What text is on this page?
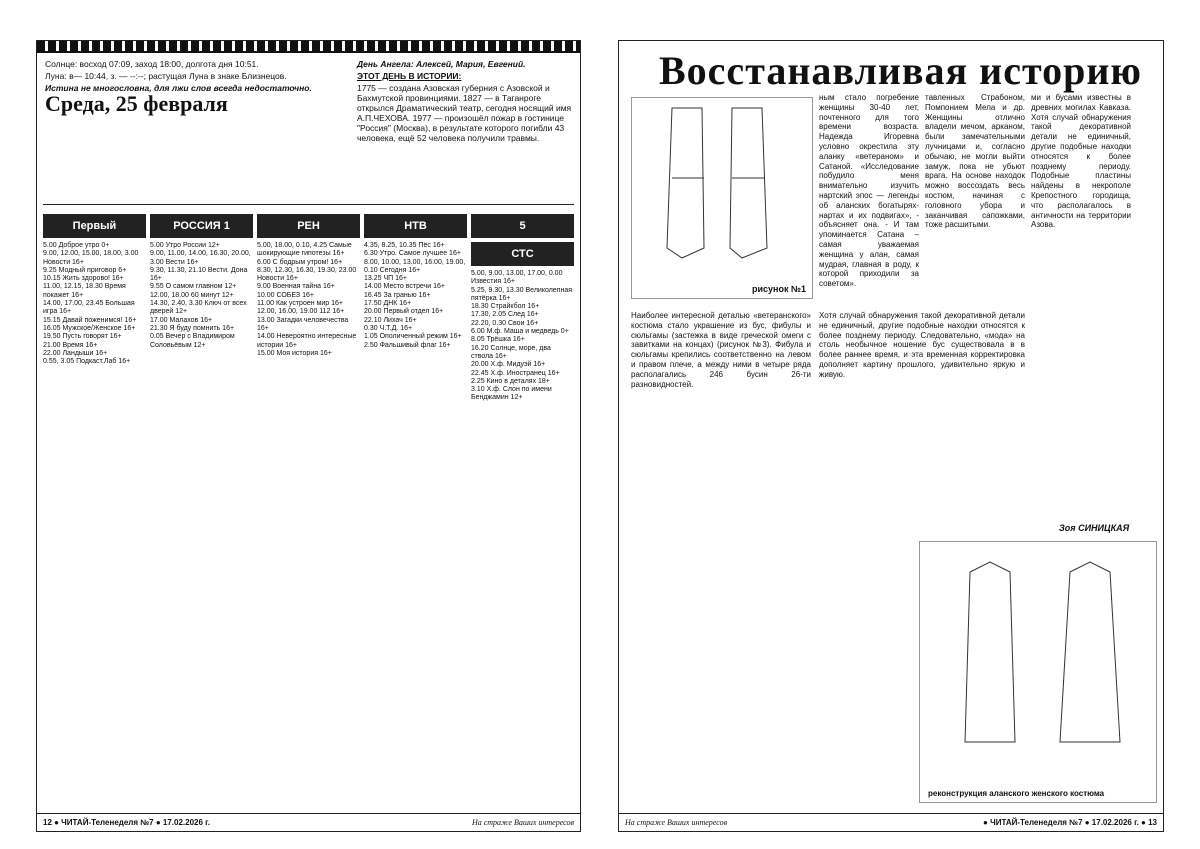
Солнце: восход 07:09, заход 18:00, долгота дня 10:51.
Луна: в— 10:44, з. — --:--; растущая Луна в знаке Близнецов.
Истина не многословна, для лжи слов всегда недостаточно.
Среда, 25 февраля
День Ангела: Алексей, Мария, Евгений.
ЭТОТ ДЕНЬ В ИСТОРИИ:
1775 — создана Азовская губерния с Азовской и Бахмутской провинциями. 1827 — в Таганроге открылся Драматический театр, сегодня носящий имя А.П.ЧЕХОВА. 1977 — произошёл пожар в гостинице "Россия" (Москва), в результате которого погибли 43 человека, ещё 52 человека получили травмы.
Первый
5.00 Доброе утро 0+
9.00, 12.00, 15.00, 18.00, 3.00 Новости 16+
9.25 Модный приговор 6+
10.15 Жить здорово! 16+
11.00, 12.15, 18.30 Время покажет 16+
14.00, 17.00, 23.45 Большая игра 16+
15.15 Давай поженимся! 16+
16.05 Мужское/Женское 16+
19.50 Пусть говорят 16+
21.00 Время 16+
22.00 Ландыши 16+
0.55, 3.05 Подкаст.Лаб 16+
РОССИЯ 1
5.00 Утро России 12+
9.00, 11.00, 14.00, 16.30, 20.00, 3.00 Вести 16+
9.30, 11.30, 21.10 Вести. Дона 16+
9.55 О самом главном 12+
12.00, 18.00 60 минут 12+
14.30, 2.40, 3.30 Ключ от всех дверей 12+
17.00 Малахов 16+
21.30 Я буду помнить 16+
0.05 Вечер с Владимиром Соловьёвым 12+
РЕН
5.00, 18.00, 0.10, 4.25 Самые шокирующие гипотезы 16+
6.00 С бодрым утром! 16+
8.30, 12.30, 16.30, 19.30, 23.00 Новости 16+
9.00 Военная тайна 16+
10.00 СОБЕЗ 16+
11.00 Как устроен мир 16+
12.00, 16.00, 19.00 112 16+
13.00 Загадки человечества 16+
14.00 Невероятно интересные истории 16+
15.00 Моя история 16+
НТВ
4.35, 8.25, 10.35 Пёс 16+
6.30 Утро. Самое лучшее 16+
8.00, 10.00, 13.00, 16.00, 19.00, 0.10 Сегодня 16+
13.25 ЧП 16+
14.00 Место встречи 16+
16.45 За гранью 16+
17.50 ДНК 16+
20.00 Первый отдел 16+
22.10 Лихач 16+
0.30 Ч.Т.Д. 16+
1.05 Ополиченный режим 16+
2.50 Фальшивый флаг 16+
5
СТС
5.00, 9.00, 13.00, 17.00, 0.00 Известия 16+
5.25, 9.30, 13.30 Великолепная пятёрка 16+
18.30 Страйкбол 16+
17.30, 2.05 След 16+
22.20, 0.30 Свои 16+
6.00 М.ф. Маша и медведь 0+
8.05 Трёшка 16+
16.20 Солнце, море, два ствола 16+
20.00 Х.ф. Мидуэй 16+
22.45 Х.ф. Иностранец 16+
2.25 Кино в деталях 18+
3.10 Х.ф. Слон по имени Бенджамин 12+
12 ● ЧИТАЙ-Теленеделя №7 ● 17.02.2026 г.	На страже Ваших интересов
Восстанавливая историю
рисунок №1
ным стало погребение женщины 30-40 лет, почтенного для того времени возраста. Надежда Игоревна условно окрестила эту аланку «ветераном» и Сатаной. «Исследование побудило меня внимательно изучить нартский эпос — легенды об аланских богатырях-нартах и их подвигах», - объясняет она. - И там упоминается Сатана – самая уважаемая женщина у алан, самая мудрая, главная в роду, к которой приходили за советом».
тавленных Страбоном, Помпонием Мела и др. Женщины отлично владели мечом, арканом, были замечательными лучницами и, согласно обычаю, не могли выйти замуж, пока не убьют врага. На основе находок можно воссоздать весь костюм, начиная с головного убора и заканчивая сапожками, тоже расшитыми.
ми и бусами известны в древних могилах Кавказа. Хотя случай обнаружения такой декоративной детали не единичный, другие подобные находки относятся к более позднему периоду. Подобные пластины найдены в некрополе Крепостного городища, что располагалось в античности на территории Азова.
Наиболее интересной деталью «ветеранского» костюма стало украшение из бус, фибулы и сюльгамы (застежка в виде греческой омеги с завитками на концах) (рисунок №3). Фибула и сюльгамы крепились соответственно на левом и правом плече, а между ними в четыре ряда располагались 246 бусин 26-ти разновидностей.
Хотя случай обнаружения такой декоративной детали не единичный, другие подобные находки относятся к более позднему периоду. Следовательно, «мода» на столь необычное ношение бус существовала в в более раннее время, и эта временная корректировка дополняет картину прошлого, удивительно яркую и живую.
Зоя СИНИЦКАЯ
реконструкция аланского женского костюма
На страже Ваших интересов	● ЧИТАЙ-Теленеделя №7 ● 17.02.2026 г. ● 13
